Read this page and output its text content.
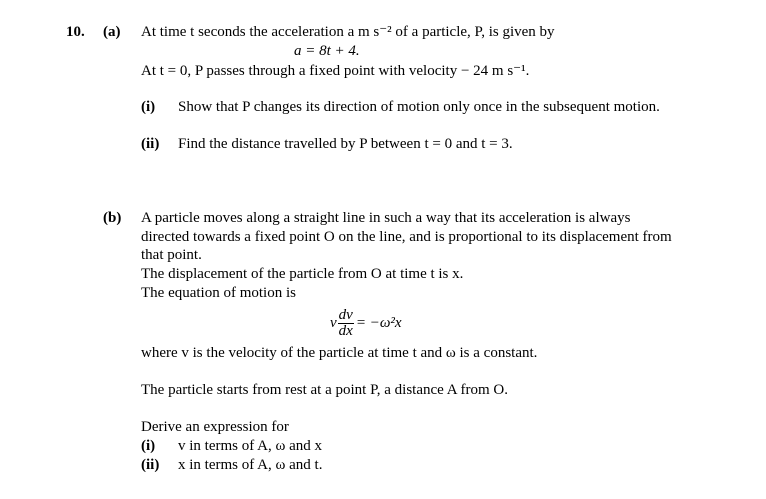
10. (a) At time t seconds the acceleration a m s⁻² of a particle, P, is given by
a = 8t + 4.
At t = 0, P passes through a fixed point with velocity − 24 m s⁻¹.
(i) Show that P changes its direction of motion only once in the subsequent motion.
(ii) Find the distance travelled by P between t = 0 and t = 3.
(b) A particle moves along a straight line in such a way that its acceleration is always
directed towards a fixed point O on the line, and is proportional to its displacement from
that point.
The displacement of the particle from O at time t is x.
The equation of motion is
v $\frac{dv}{dx} = -\omega^2x$
where v is the velocity of the particle at time t and ω is a constant.
The particle starts from rest at a point P, a distance A from O.
Derive an expression for
(i) v in terms of A, ω and x
(ii) x in terms of A, ω and t.
